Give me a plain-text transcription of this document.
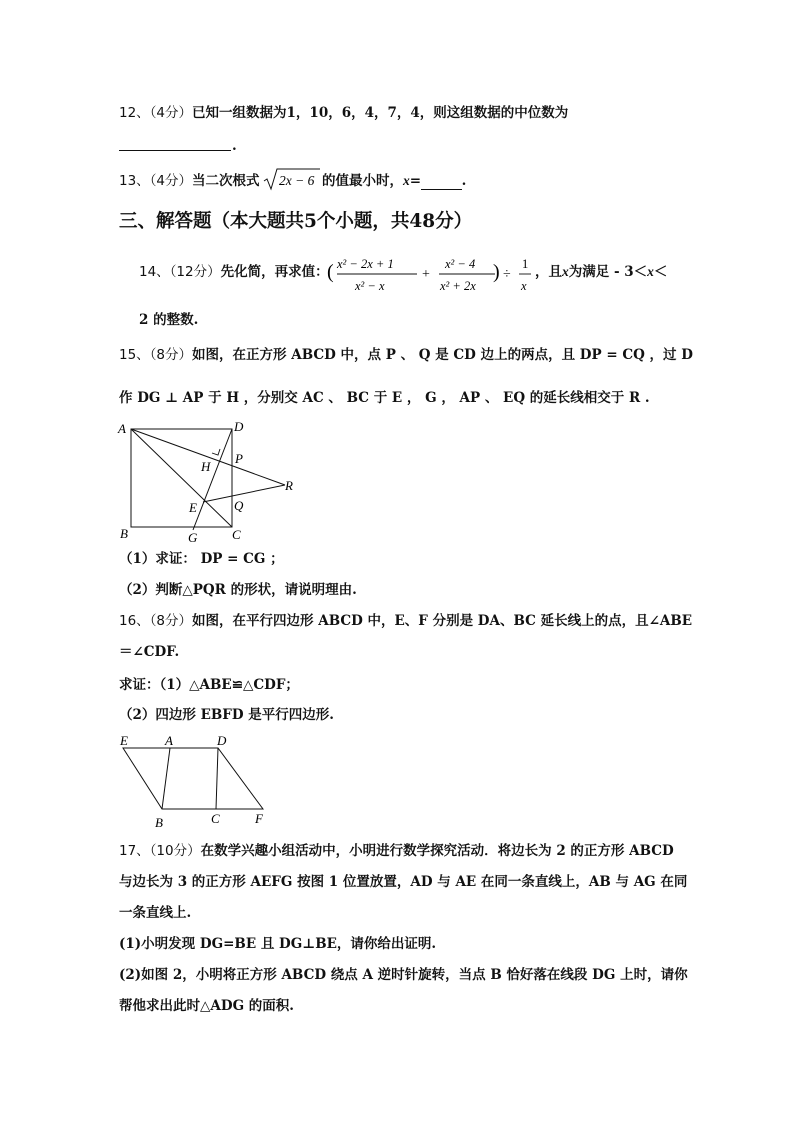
12、（4分）已知一组数据为1，10，6，4，7，4，则这组数据的中位数为
.
13、（4分）当二次根式 2x − 6 的值最小时，x=	.
三、解答题（本大题共5个小题，共48分）
14、（12分）先化简，再求值：
( x² − 2x + 1
x² − x
+
x² − 4
x² + 2x
) ÷
1
x
，且x为满足 - 3＜x＜
2 的整数.
15、（8分）如图，在正方形 ABCD 中，点 P 、 Q 是 CD 边上的两点，且 DP = CQ ，过 D
作 DG ⊥ AP 于 H ，分别交 AC 、 BC 于 E ， G ， AP 、 EQ 的延长线相交于 R .
A	D
H
P
R
E	Q
B	G	C
（1）求证： DP = CG ；
（2）判断△PQR 的形状，请说明理由.
16、（8分）如图，在平行四边形 ABCD 中，E、F 分别是 DA、BC 延长线上的点，且∠ABE
＝∠CDF.
求证：（1）△ABE≌△CDF；
（2）四边形 EBFD 是平行四边形.
E	A	D
B	C	F
17、（10分）在数学兴趣小组活动中，小明进行数学探究活动．将边长为 2 的正方形 ABCD
与边长为 3 的正方形 AEFG 按图 1 位置放置，AD 与 AE 在同一条直线上，AB 与 AG 在同
一条直线上.
(1)小明发现 DG=BE 且 DG⊥BE，请你给出证明.
(2)如图 2，小明将正方形 ABCD 绕点 A 逆时针旋转，当点 B 恰好落在线段 DG 上时，请你
帮他求出此时△ADG 的面积.
